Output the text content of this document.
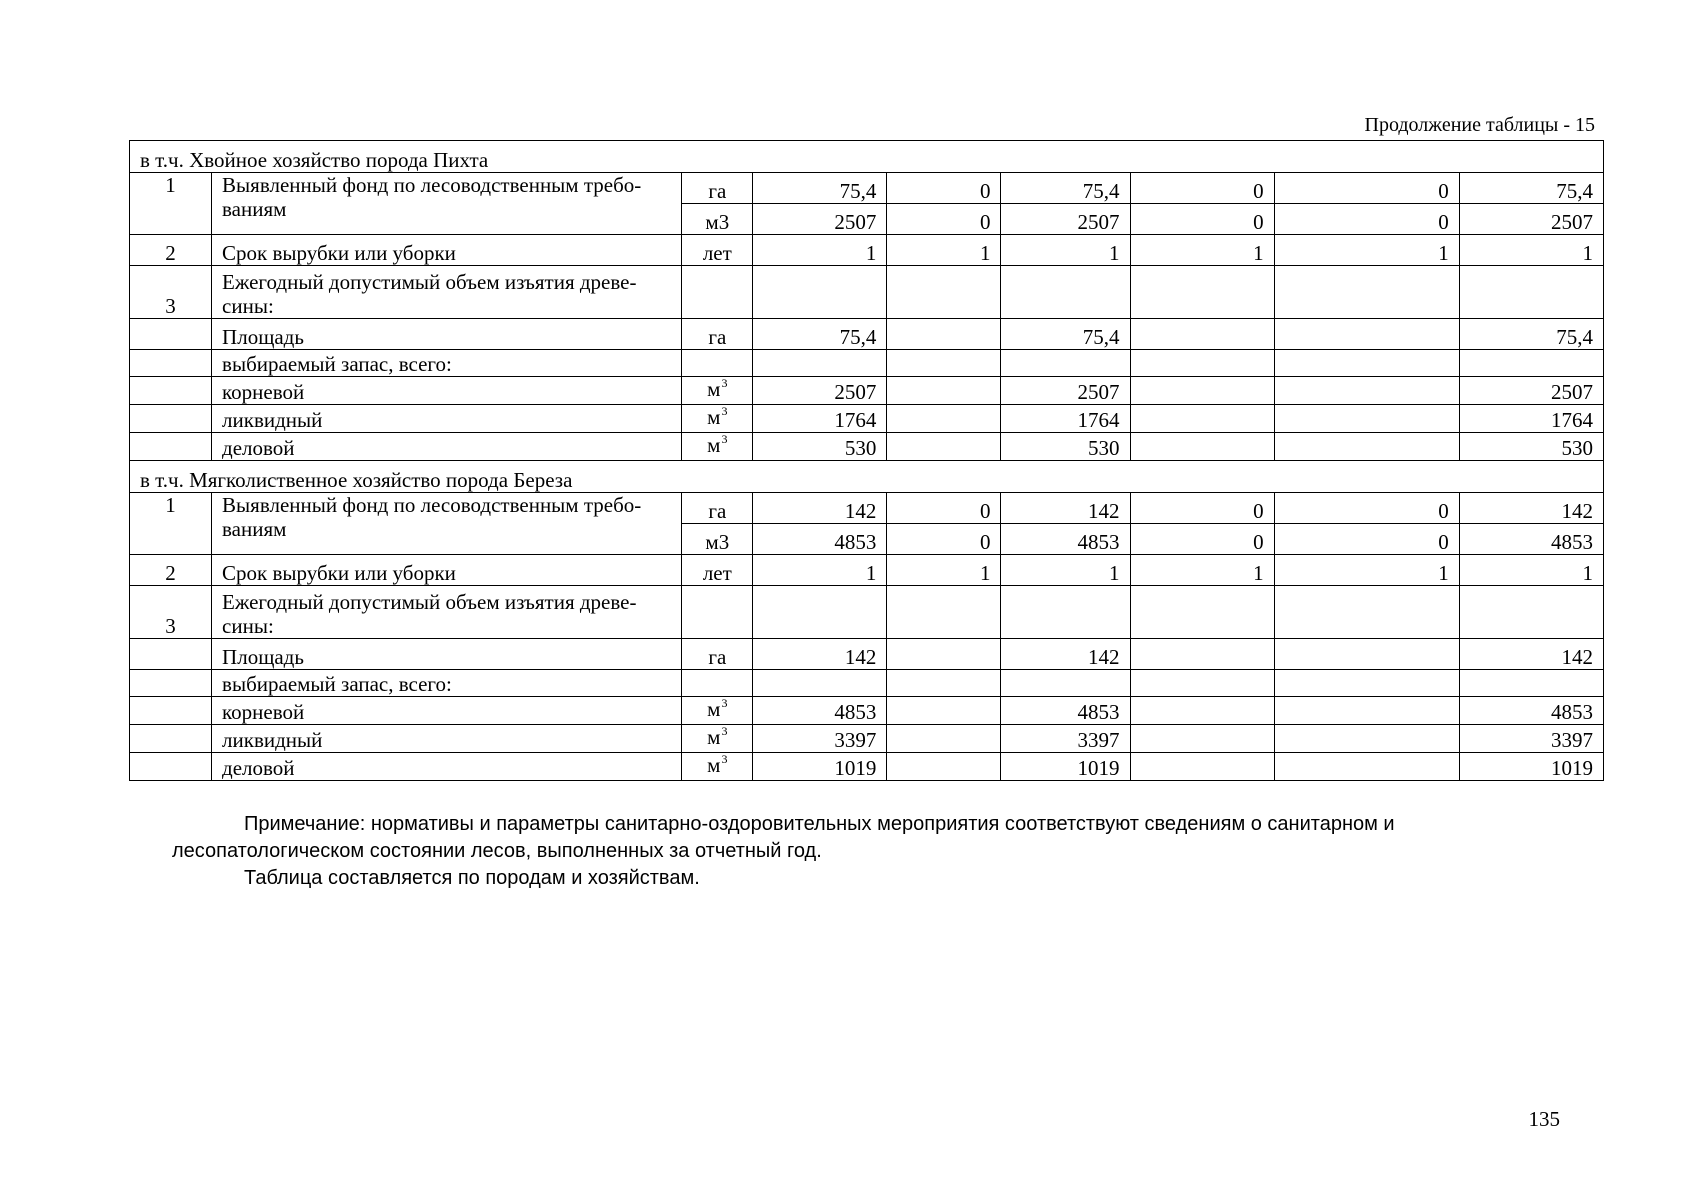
Продолжение таблицы - 15
в т.ч. Хвойное хозяйство порода Пихта								
1	Выявленный фонд по лесоводственным требо-ваниям	га	75,4	0	75,4	0	0	75,4
		м3	2507	0	2507	0	0	2507
2	Срок вырубки или уборки	лет	1	1	1	1	1	1
3	Ежегодный допустимый объем изъятия древе-сины:							
	Площадь	га	75,4		75,4			75,4
	выбираемый запас, всего:							
	корневой	$м^3$	2507		2507			2507
	ликвидный	$м^3$	1764		1764			1764
	деловой	$м^3$	530		530			530
в т.ч. Мягколиственное хозяйство порода Береза								
1	Выявленный фонд по лесоводственным требо-ваниям	га	142	0	142	0	0	142
		м3	4853	0	4853	0	0	4853
2	Срок вырубки или уборки	лет	1	1	1	1	1	1
3	Ежегодный допустимый объем изъятия древе-сины:							
	Площадь	га	142		142			142
	выбираемый запас, всего:							
	корневой	$м^3$	4853		4853			4853
	ликвидный	$м^3$	3397		3397			3397
	деловой	$м^3$	1019		1019			1019

Примечание: нормативы и параметры санитарно-оздоровительных мероприятия соответствуют сведениям о санитарном и лесопатологическом состоянии лесов, выполненных за отчетный год.

Таблица составляется по породам и хозяйствам.

135
